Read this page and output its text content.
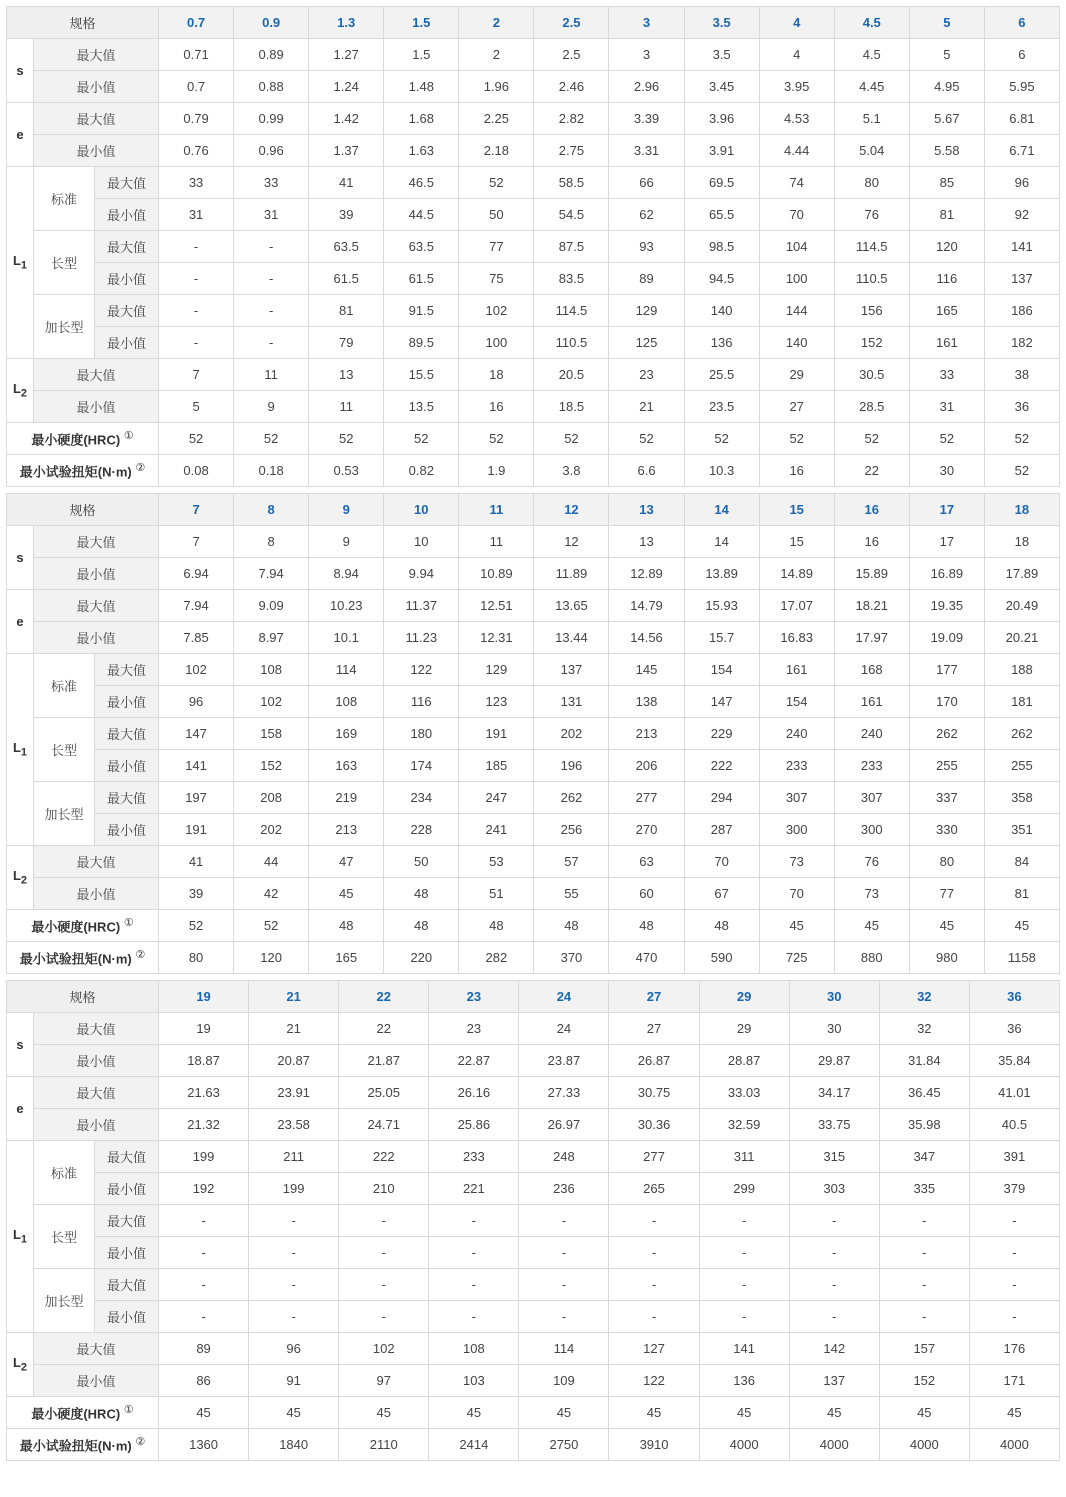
规格			0.7	0.9	1.3	1.5	2	2.5	3	3.5	4	4.5	5	6
s	最大值		0.71	0.89	1.27	1.5	2	2.5	3	3.5	4	4.5	5	6
	最小值		0.7	0.88	1.24	1.48	1.96	2.46	2.96	3.45	3.95	4.45	4.95	5.95
e	最大值		0.79	0.99	1.42	1.68	2.25	2.82	3.39	3.96	4.53	5.1	5.67	6.81
	最小值		0.76	0.96	1.37	1.63	2.18	2.75	3.31	3.91	4.44	5.04	5.58	6.71
$L_1$	标准	最大值	33	33	41	46.5	52	58.5	66	69.5	74	80	85	96
		最小值	31	31	39	44.5	50	54.5	62	65.5	70	76	81	92
	长型	最大值	-	-	63.5	63.5	77	87.5	93	98.5	104	114.5	120	141
		最小值	-	-	61.5	61.5	75	83.5	89	94.5	100	110.5	116	137
	加长型	最大值	-	-	81	91.5	102	114.5	129	140	144	156	165	186
		最小值	-	-	79	89.5	100	110.5	125	136	140	152	161	182
$L_2$	最大值		7	11	13	15.5	18	20.5	23	25.5	29	30.5	33	38
	最小值		5	9	11	13.5	16	18.5	21	23.5	27	28.5	31	36
最小硬度(HRC) ①			52	52	52	52	52	52	52	52	52	52	52	52
最小试验扭矩(N·m) ②			0.08	0.18	0.53	0.82	1.9	3.8	6.6	10.3	16	22	30	52
规格			7	8	9	10	11	12	13	14	15	16	17	18
s	最大值		7	8	9	10	11	12	13	14	15	16	17	18
	最小值		6.94	7.94	8.94	9.94	10.89	11.89	12.89	13.89	14.89	15.89	16.89	17.89
e	最大值		7.94	9.09	10.23	11.37	12.51	13.65	14.79	15.93	17.07	18.21	19.35	20.49
	最小值		7.85	8.97	10.1	11.23	12.31	13.44	14.56	15.7	16.83	17.97	19.09	20.21
$L_1$	标准	最大值	102	108	114	122	129	137	145	154	161	168	177	188
		最小值	96	102	108	116	123	131	138	147	154	161	170	181
	长型	最大值	147	158	169	180	191	202	213	229	240	240	262	262
		最小值	141	152	163	174	185	196	206	222	233	233	255	255
	加长型	最大值	197	208	219	234	247	262	277	294	307	307	337	358
		最小值	191	202	213	228	241	256	270	287	300	300	330	351
$L_2$	最大值		41	44	47	50	53	57	63	70	73	76	80	84
	最小值		39	42	45	48	51	55	60	67	70	73	77	81
最小硬度(HRC) ①			52	52	48	48	48	48	48	48	45	45	45	45
最小试验扭矩(N·m) ②			80	120	165	220	282	370	470	590	725	880	980	1158
规格			19	21	22	23	24	27	29	30	32	36
s	最大值		19	21	22	23	24	27	29	30	32	36
	最小值		18.87	20.87	21.87	22.87	23.87	26.87	28.87	29.87	31.84	35.84
e	最大值		21.63	23.91	25.05	26.16	27.33	30.75	33.03	34.17	36.45	41.01
	最小值		21.32	23.58	24.71	25.86	26.97	30.36	32.59	33.75	35.98	40.5
$L_1$	标准	最大值	199	211	222	233	248	277	311	315	347	391
		最小值	192	199	210	221	236	265	299	303	335	379
	长型	最大值	-	-	-	-	-	-	-	-	-	-
		最小值	-	-	-	-	-	-	-	-	-	-
	加长型	最大值	-	-	-	-	-	-	-	-	-	-
		最小值	-	-	-	-	-	-	-	-	-	-
$L_2$	最大值		89	96	102	108	114	127	141	142	157	176
	最小值		86	91	97	103	109	122	136	137	152	171
最小硬度(HRC) ①			45	45	45	45	45	45	45	45	45	45
最小试验扭矩(N·m) ②			1360	1840	2110	2414	2750	3910	4000	4000	4000	4000
